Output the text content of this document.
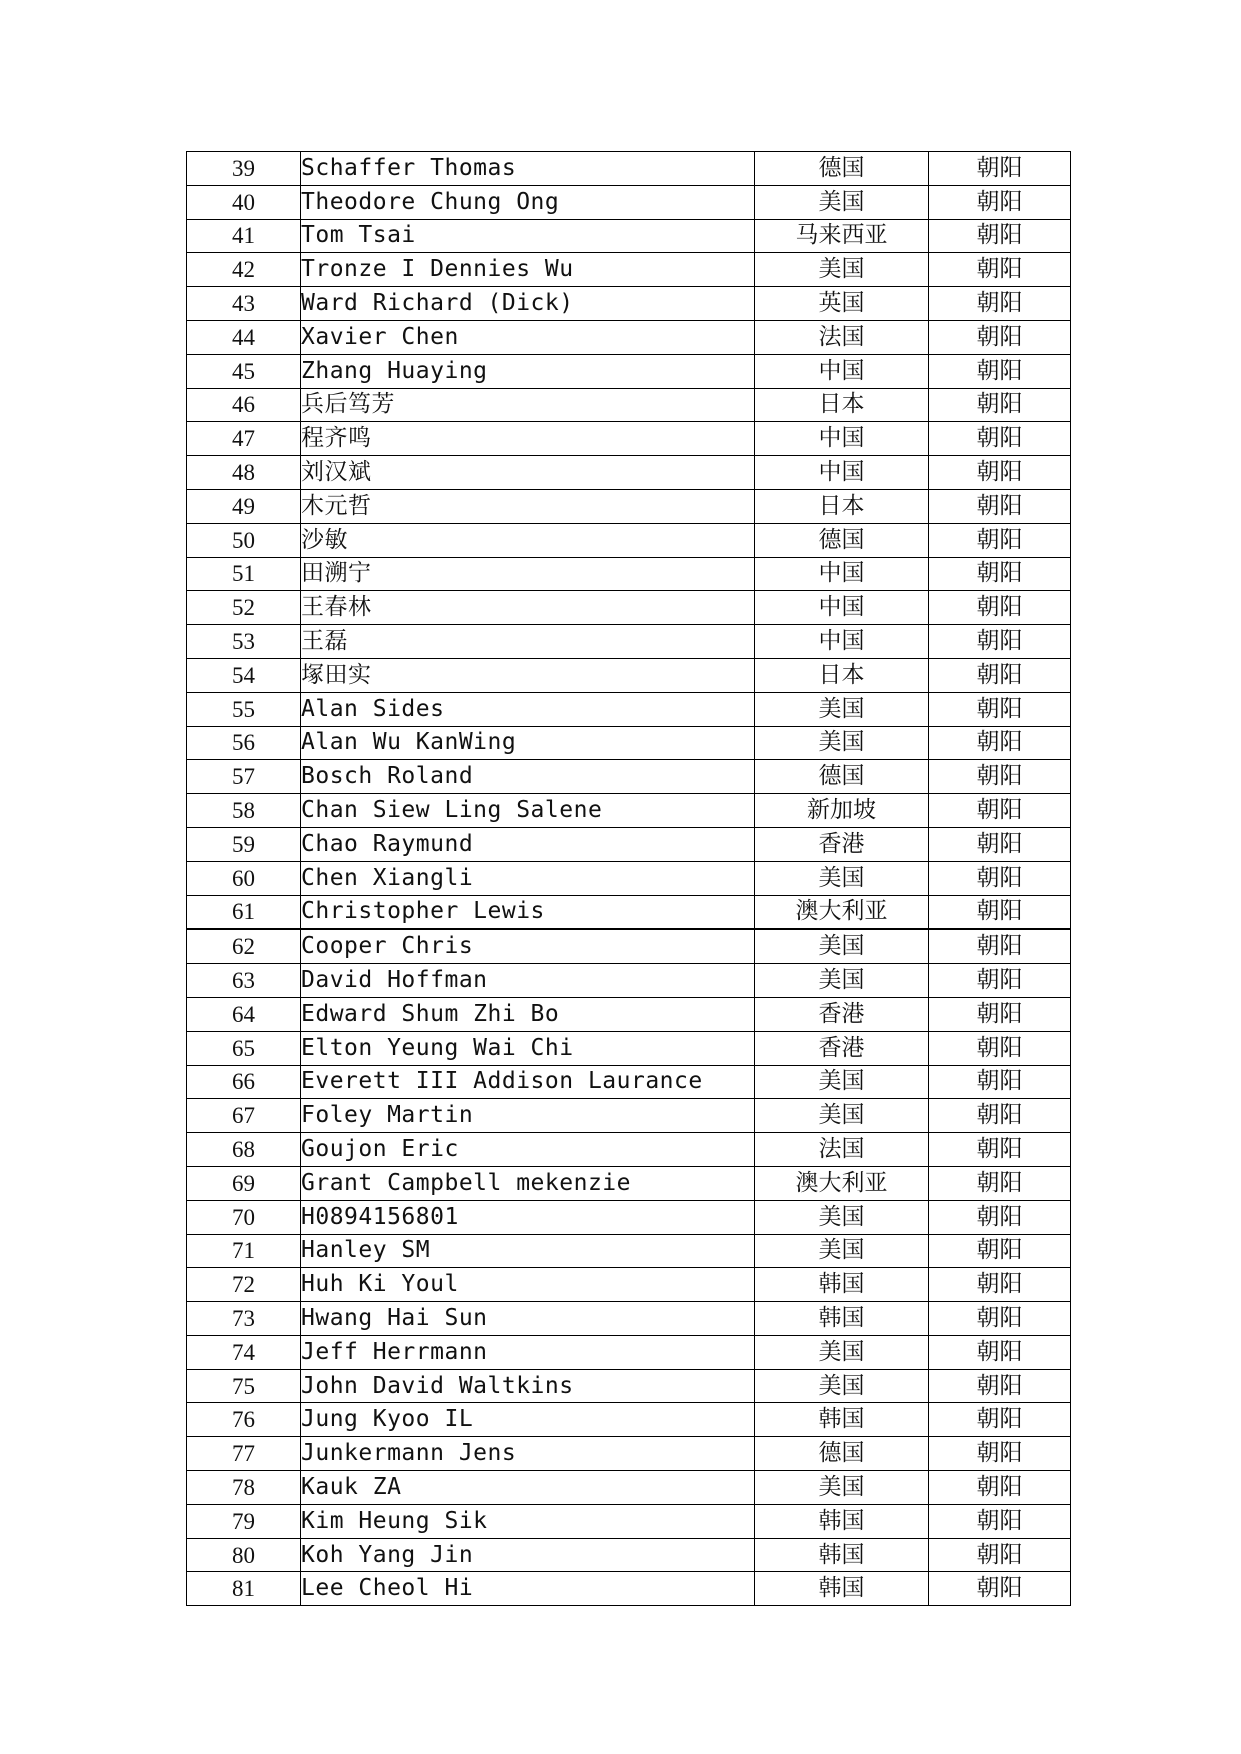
39	Schaffer Thomas	德国	朝阳
40	Theodore Chung Ong	美国	朝阳
41	Tom Tsai	马来西亚	朝阳
42	Tronze I Dennies Wu	美国	朝阳
43	Ward Richard (Dick)	英国	朝阳
44	Xavier Chen	法国	朝阳
45	Zhang Huaying	中国	朝阳
46	兵后笃芳	日本	朝阳
47	程齐鸣	中国	朝阳
48	刘汉斌	中国	朝阳
49	木元哲	日本	朝阳
50	沙敏	德国	朝阳
51	田溯宁	中国	朝阳
52	王春林	中国	朝阳
53	王磊	中国	朝阳
54	塚田实	日本	朝阳
55	Alan Sides	美国	朝阳
56	Alan Wu KanWing	美国	朝阳
57	Bosch Roland	德国	朝阳
58	Chan Siew Ling Salene	新加坡	朝阳
59	Chao Raymund	香港	朝阳
60	Chen Xiangli	美国	朝阳
61	Christopher Lewis	澳大利亚	朝阳
62	Cooper Chris	美国	朝阳
63	David Hoffman	美国	朝阳
64	Edward Shum Zhi Bo	香港	朝阳
65	Elton Yeung Wai Chi	香港	朝阳
66	Everett III Addison Laurance	美国	朝阳
67	Foley Martin	美国	朝阳
68	Goujon Eric	法国	朝阳
69	Grant Campbell mekenzie	澳大利亚	朝阳
70	H0894156801	美国	朝阳
71	Hanley SM	美国	朝阳
72	Huh Ki Youl	韩国	朝阳
73	Hwang Hai Sun	韩国	朝阳
74	Jeff Herrmann	美国	朝阳
75	John David Waltkins	美国	朝阳
76	Jung Kyoo IL	韩国	朝阳
77	Junkermann Jens	德国	朝阳
78	Kauk ZA	美国	朝阳
79	Kim Heung Sik	韩国	朝阳
80	Koh Yang Jin	韩国	朝阳
81	Lee Cheol Hi	韩国	朝阳
